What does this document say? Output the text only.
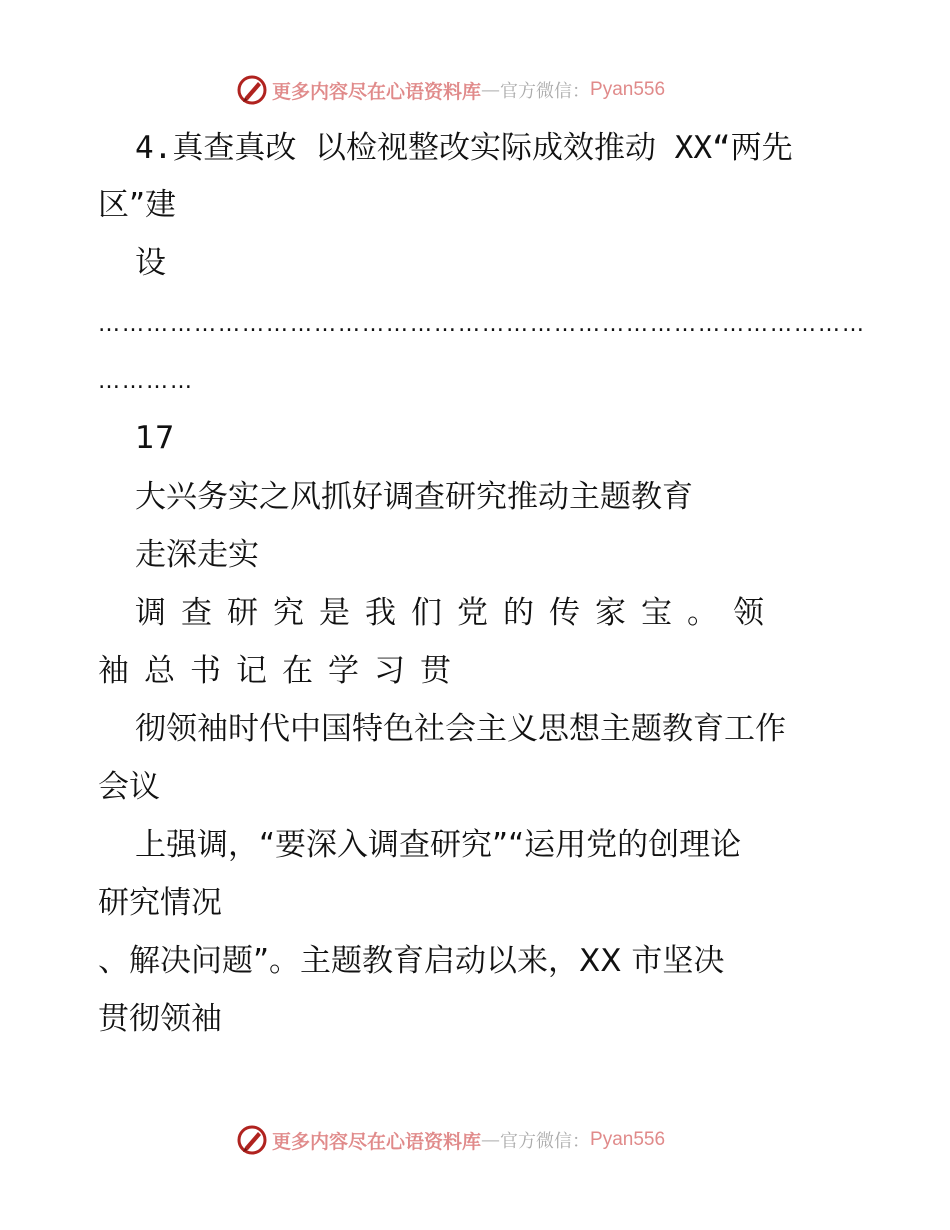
更多内容尽在心语资料库 — 官方微信： Pyan556
4.真查真改 以检视整改实际成效推动 XX“两先
区”建
设
……………………………………………………………………………………
…………
17
大兴务实之风抓好调查研究推动主题教育
走深走实
调查研究是我们党的传家宝。领
袖总书记在学习贯
彻领袖时代中国特色社会主义思想主题教育工作
会议
上强调，“要深入调查研究”“运用党的创理论
研究情况
、解决问题”。主题教育启动以来，XX 市坚决
贯彻领袖
更多内容尽在心语资料库 — 官方微信： Pyan556
